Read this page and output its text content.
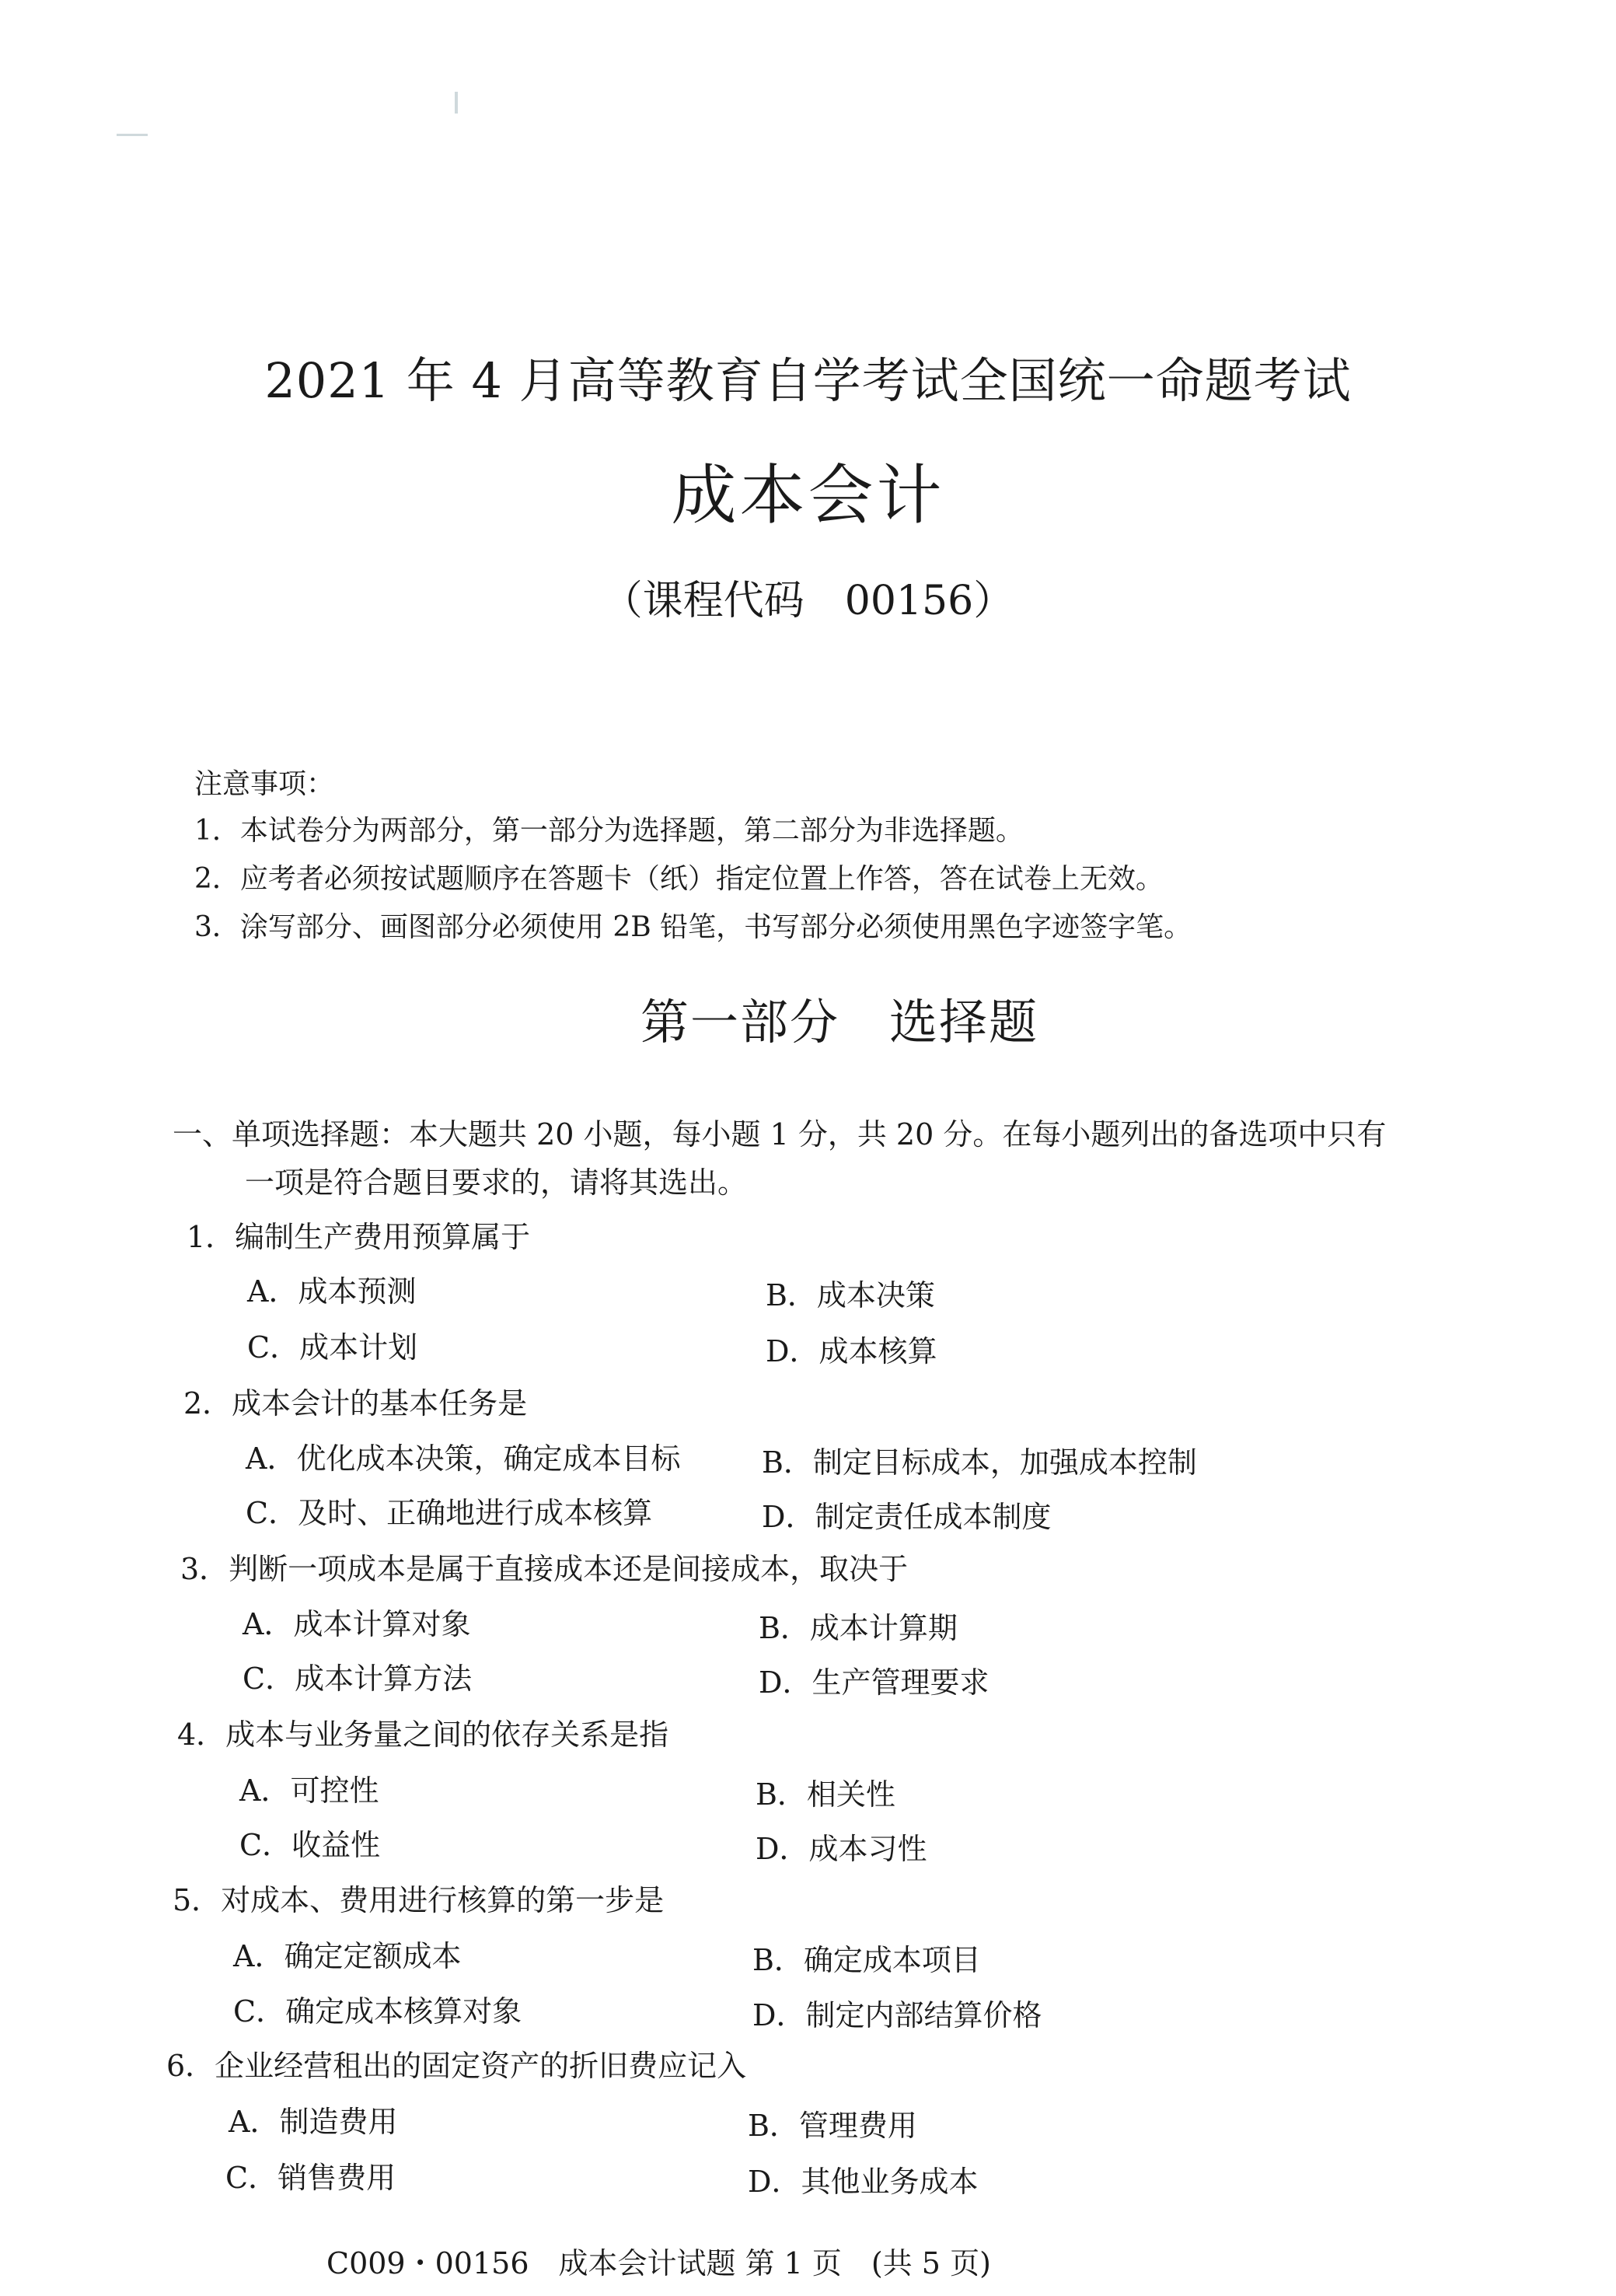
2021 年 4 月高等教育自学考试全国统一命题考试
成本会计
（课程代码　00156）
注意事项：
1．本试卷分为两部分，第一部分为选择题，第二部分为非选择题。
2．应考者必须按试题顺序在答题卡（纸）指定位置上作答，答在试卷上无效。
3．涂写部分、画图部分必须使用 2B 铅笔，书写部分必须使用黑色字迹签字笔。
第一部分　选择题
一、单项选择题：本大题共 20 小题，每小题 1 分，共 20 分。在每小题列出的备选项中只有
一项是符合题目要求的，请将其选出。
1．编制生产费用预算属于
A．成本预测	B．成本决策
C．成本计划	D．成本核算
2．成本会计的基本任务是
A．优化成本决策，确定成本目标	B．制定目标成本，加强成本控制
C．及时、正确地进行成本核算	D．制定责任成本制度
3．判断一项成本是属于直接成本还是间接成本，取决于
A．成本计算对象	B．成本计算期
C．成本计算方法	D．生产管理要求
4．成本与业务量之间的依存关系是指
A．可控性	B．相关性
C．收益性	D．成本习性
5．对成本、费用进行核算的第一步是
A．确定定额成本	B．确定成本项目
C．确定成本核算对象	D．制定内部结算价格
6．企业经营租出的固定资产的折旧费应记入
A．制造费用	B．管理费用
C．销售费用	D．其他业务成本
C009・00156　成本会计试题 第 1 页　(共 5 页)
